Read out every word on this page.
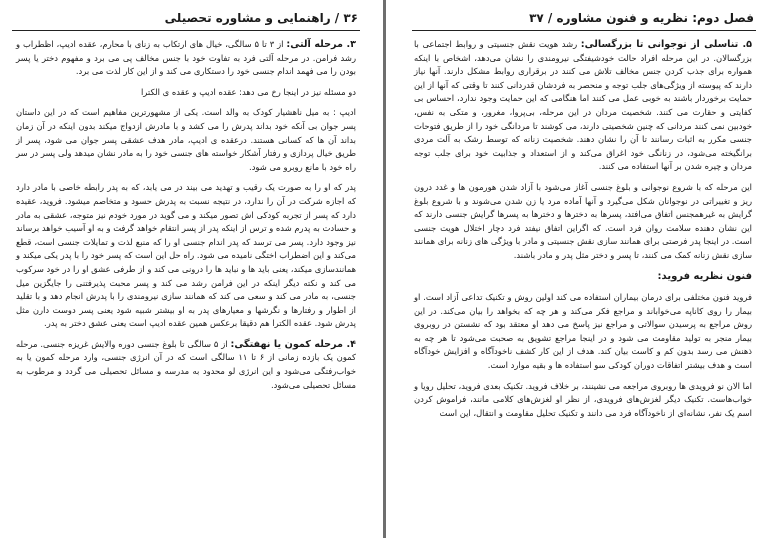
۳۶ / راهنمایی و مشاوره تحصیلی

۳. مرحله آلتی: از ۳ تا ۵ سالگی، خیال های ارتکاب به زنای با محارم، عقده ادیپ، اظطراب و رشد فرامن. در مرحله آلتی فرد به تفاوت خود با جنس مخالف پی می برد و مفهوم دختر یا پسر بودن را می فهمد اندام جنسی خود را دستکاری می کند و از این کار لذت می برد.

دو مسئله نیز در اینجا رخ می دهد: عقده ادیپ و عقده ی الکترا

ادیپ : به میل ناهشیار کودک به والد است. یکی از مشهورترین مفاهیم است که در این داستان پسر جوان بی آنکه خود بداند پدرش را می کشد و با مادرش ازدواج میکند بدون اینکه در آن زمان بداند آن ها که کسانی هستند. درعقده ی ادیپ، مادر هدف عشقی پسر جوان می شود، پسر از طریق خیال پردازی و رفتار آشکار خواسته های جنسی خود را به مادر نشان میدهد ولی پسر در سر راه خود با مانع روبرو می شود.

پدر که او را به صورت یک رقیب و تهدید می بیند در می یابد، که به پدر رابطه خاصی با مادر دارد که اجازه شرکت در آن را ندارد، در نتیجه نسبت به پدرش حسود و متخاصم میشود. فروید، عقیده دارد که پسر از تجربه کودکی اش تصور میکند و می گوید در مورد خودم نیز متوجه، عشقی به مادر و حسادت به پدرم شده و ترس از اینکه پدر از پسر انتقام خواهد گرفت و به او آسیب خواهد برساند نیز وجود دارد. پسر می ترسد که پدر اندام جنسی او را که منبع لذت و تمایلات جنسی است، قطع می‌کند و این اضطراب اختگی نامیده می شود. راه حل این است که پسر خود را با پدر یکی میکند و همانندسازی میکند، یعنی باید ها و نباید ها را درونی می کند و از طرفی عشق او را در خود سرکوب می کند و نکته دیگر اینکه در این فرامن رشد می کند و پسر محبت پذیرفتنی را جایگزین میل جنسی، به مادر می کند و سعی می کند که همانند سازی نیرومندی را با پدرش انجام دهد و با تقلید از اطوار و رفتارها و نگرشها و معیارهای پدر به او بیشتر شبیه شود یعنی پسر دوست دارن مثل پدرش شود. عقده الکترا هم دقیقا برعکس همین عقده ادیپ است یعنی عشق دختر به پدر.

۴. مرحله کمون یا نهفتگی: از ۵ سالگی تا بلوغ جنسی دوره والایش غریزه جنسی. مرحله کمون یک بازده زمانی از ۶ تا ۱۱ سالگی است که در آن انرژی جنسی، وارد مرحله کمون یا به خواب‌رفتگی می‌شود و این انرژی لو محدود به مدرسه و مسائل تحصیلی می گردد و مرطوب به مسائل تحصیلی می‌شود.

فصل دوم: نظریه و فنون مشاوره / ۳۷

۵. تناسلی از نوجوانی تا بزرگسالی: رشد هویت نقش جنسیتی و روابط اجتماعی با بزرگسالان. در این مرحله افراد حالت خودشیفتگی نیرومندی را نشان می‌دهد، اشخاص با اینکه همواره برای جذب کردن جنس مخالف تلاش می کنند در برقراری روابط مشکل دارند. آنها نیاز دارند که پیوسته از ویژگی‌های جلب توجه و منحصر به فردشان قدردانی کنند تا وقتی که آنها از این حمایت برخوردار باشند به خوبی عمل می کنند اما هنگامی که این حمایت وجود ندارد، احساس بی کفایتی و حقارت می کنند. شخصیت مردان در این مرحله، بی‌پروا، مغرور، و متکی به نفس، خودبین نمی کنند مردانی که چنین شخصیتی دارند، می کوشند تا مردانگی خود را از طریق فتوحات جنسی مکرر به اثبات رسانند تا آن را نشان دهند. شخصیت زنانه که توسط رشک به آلت مردی برانگیخته می‌شود، در زنانگی خود اغراق می‌کند و از استعداد و جذابیت خود برای جلب توجه مردان و چیره شدن بر آنها استفاده می کنند.

این مرحله که با شروع نوجوانی و بلوغ جنسی آغاز می‌شود با آزاد شدن هورمون ها و غدد درون ریز و تغییراتی در نوجوانان شکل می‌گیرد و آنها آماده مرد یا زن شدن می‌شوند و با شروع بلوغ گرایش به غیرهمجنس اتفاق می‌افتد، پسرها به دخترها و دخترها به پسرها گرایش جنسی دارند که این نشان دهنده سلامت روان فرد است. که اگراین اتفاق نیفتد فرد دچار اختلال هویت جنسی است. در اینجا پدر فرصتی برای همانند سازی نقش جنسیتی و مادر با ویژگی های زنانه برای همانند سازی نقش زنانه کمک می کنند، تا پسر و دختر مثل پدر و مادر باشند.

فنون نظریه فروید:

فروید فنون مختلفی برای درمان بیماران استفاده می کند اولین روش و تکنیک تداعی آزاد است. او بیمار را روی کاناپه می‌خواباند و مراجع فکر می‌کند و هر چه که بخواهد را بیان می‌کند. در این روش مراجع به پرسیدن سوالاتی و مراجع نیز پاسخ می دهد او معتقد بود که نشستن در روبروی بیمار منجر به تولید مقاومت می شود و در اینجا مراجع تشویق به صحبت می‌شود تا هر چه به ذهنش می رسد بدون کم و کاست بیان کند. هدف از این کار کشف ناخودآگاه و افزایش خودآگاه است و هدف بیشتر اتفاقات دوران کودکی سو استفاده ها و بقیه موارد است.

اما الان نو فرویدی ها روبروی مراجعه می نشینند، بر خلاف فروید. تکنیک بعدی فروید، تحلیل رویا و خواب‌هاست. تکنیک دیگر لغزش‌های فرویدی، از نظر او لغزش‌های کلامی مانند، فراموش کردن اسم یک نفر، نشانه‌ای از ناخودآگاه فرد می دانند و تکنیک تحلیل مقاومت و انتقال، این است
